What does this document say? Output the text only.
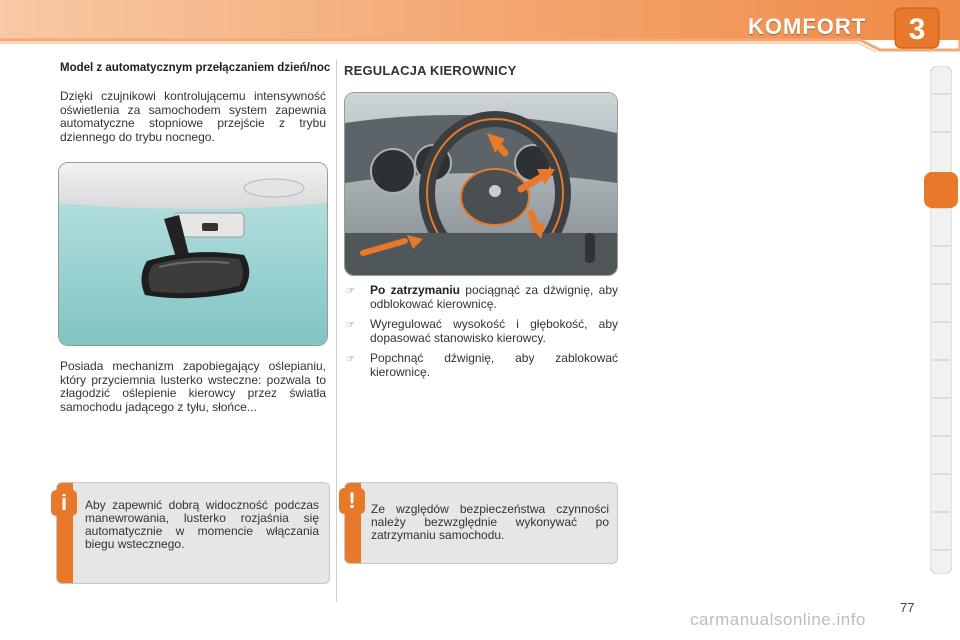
KOMFORT	3
Model z automatycznym przełączaniem dzień/noc

Dzięki czujnikowi kontrolującemu intensywność oświetlenia za samochodem system zapewnia automatyczne stopniowe przejście z trybu dziennego do trybu nocnego.

Posiada mechanizm zapobiegający oślepianiu, który przyciemnia lusterko wsteczne: pozwala to złagodzić oślepienie kierowcy przez światła samochodu jadącego z tyłu, słońce...

Aby zapewnić dobrą widoczność podczas manewrowania, lusterko rozjaśnia się automatycznie w momencie włączania biegu wstecznego.

i
REGULACJA KIEROWNICY
☞ Po zatrzymaniu pociągnąć za dźwignię, aby odblokować kierownicę.
☞ Wyregulować wysokość i głębokość, aby dopasować stanowisko kierowcy.
☞ Popchnąć dźwignię, aby zablokować kierownicę.

Ze względów bezpieczeństwa czynności należy bezwzględnie wykonywać po zatrzymaniu samochodu.

!
77
carmanualsonline.info
